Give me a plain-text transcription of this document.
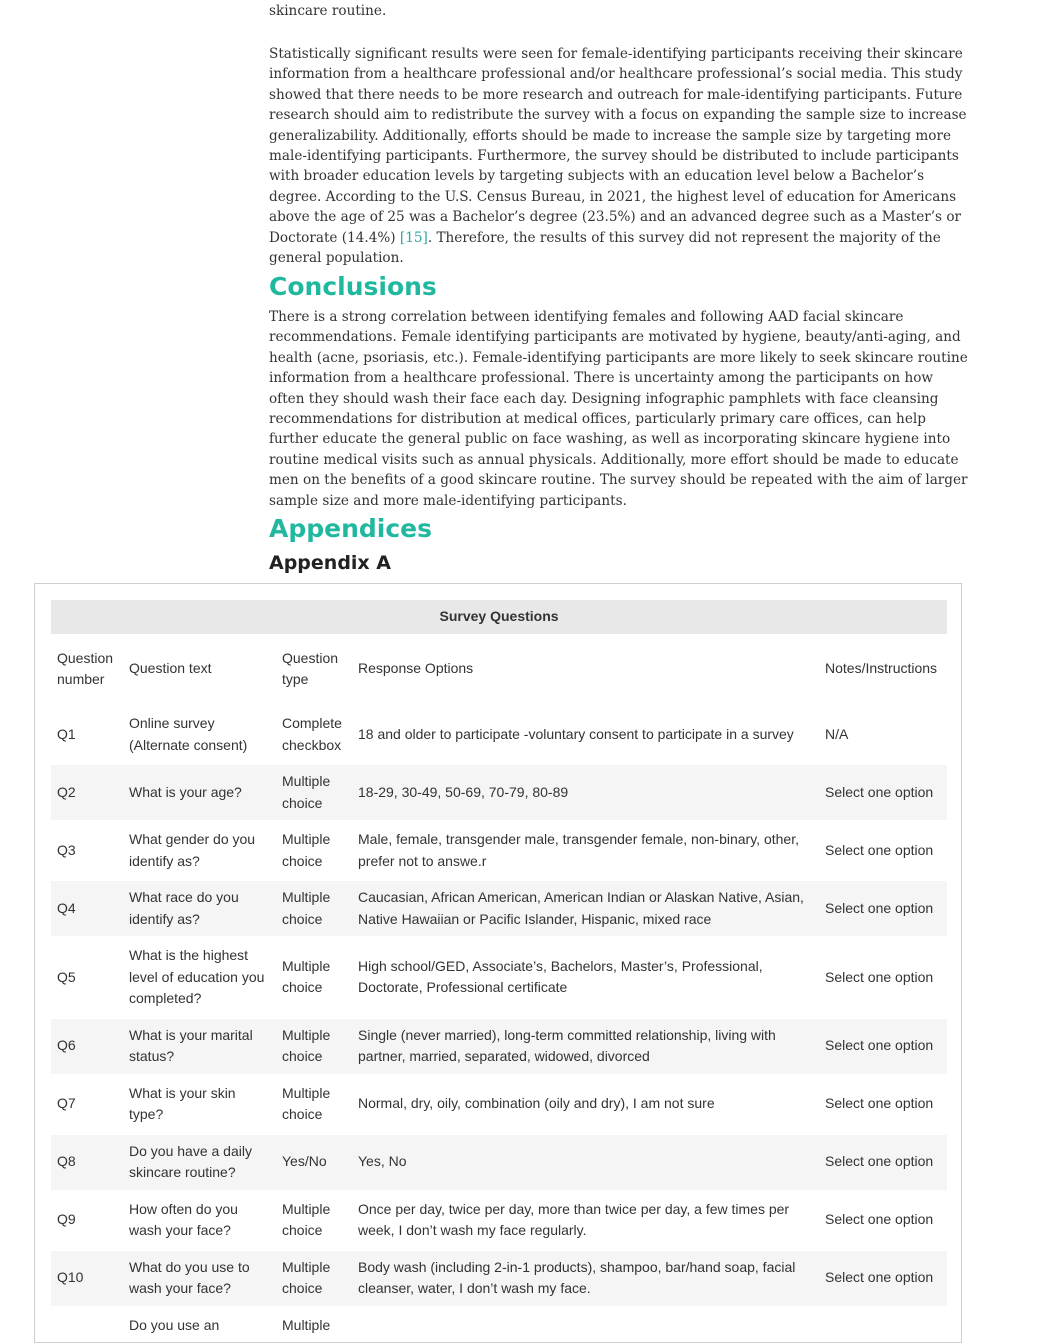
skincare routine.

Statistically significant results were seen for female-identifying participants receiving their skincare information from a healthcare professional and/or healthcare professional’s social media. This study showed that there needs to be more research and outreach for male-identifying participants. Future research should aim to redistribute the survey with a focus on expanding the sample size to increase generalizability. Additionally, efforts should be made to increase the sample size by targeting more male-identifying participants. Furthermore, the survey should be distributed to include participants with broader education levels by targeting subjects with an education level below a Bachelor’s degree. According to the U.S. Census Bureau, in 2021, the highest level of education for Americans above the age of 25 was a Bachelor’s degree (23.5%) and an advanced degree such as a Master’s or Doctorate (14.4%) [15]. Therefore, the results of this survey did not represent the majority of the general population.

Conclusions

There is a strong correlation between identifying females and following AAD facial skincare recommendations. Female identifying participants are motivated by hygiene, beauty/anti-aging, and health (acne, psoriasis, etc.). Female-identifying participants are more likely to seek skincare routine information from a healthcare professional. There is uncertainty among the participants on how often they should wash their face each day. Designing infographic pamphlets with face cleansing recommendations for distribution at medical offices, particularly primary care offices, can help further educate the general public on face washing, as well as incorporating skincare hygiene into routine medical visits such as annual physicals. Additionally, more effort should be made to educate men on the benefits of a good skincare routine. The survey should be repeated with the aim of larger sample size and more male-identifying participants.

Appendices
Appendix A
Survey Questions				
Question number	Question text	Question type	Response Options	Notes/Instructions
Q1	Online survey (Alternate consent)	Complete checkbox	18 and older to participate -voluntary consent to participate in a survey	N/A
Q2	What is your age?	Multiple choice	18-29, 30-49, 50-69, 70-79, 80-89	Select one option
Q3	What gender do you identify as?	Multiple choice	Male, female, transgender male, transgender female, non-binary, other, prefer not to answe.r	Select one option
Q4	What race do you identify as?	Multiple choice	Caucasian, African American, American Indian or Alaskan Native, Asian, Native Hawaiian or Pacific Islander, Hispanic, mixed race	Select one option
Q5	What is the highest level of education you completed?	Multiple choice	High school/GED, Associate’s, Bachelors, Master’s, Professional, Doctorate, Professional certificate	Select one option
Q6	What is your marital status?	Multiple choice	Single (never married), long-term committed relationship, living with partner, married, separated, widowed, divorced	Select one option
Q7	What is your skin type?	Multiple choice	Normal, dry, oily, combination (oily and dry), I am not sure	Select one option
Q8	Do you have a daily skincare routine?	Yes/No	Yes, No	Select one option
Q9	How often do you wash your face?	Multiple choice	Once per day, twice per day, more than twice per day, a few times per week, I don’t wash my face regularly.	Select one option
Q10	What do you use to wash your face?	Multiple choice	Body wash (including 2-in-1 products), shampoo, bar/hand soap, facial cleanser, water, I don’t wash my face.	Select one option
	Do you use an	Multiple		
